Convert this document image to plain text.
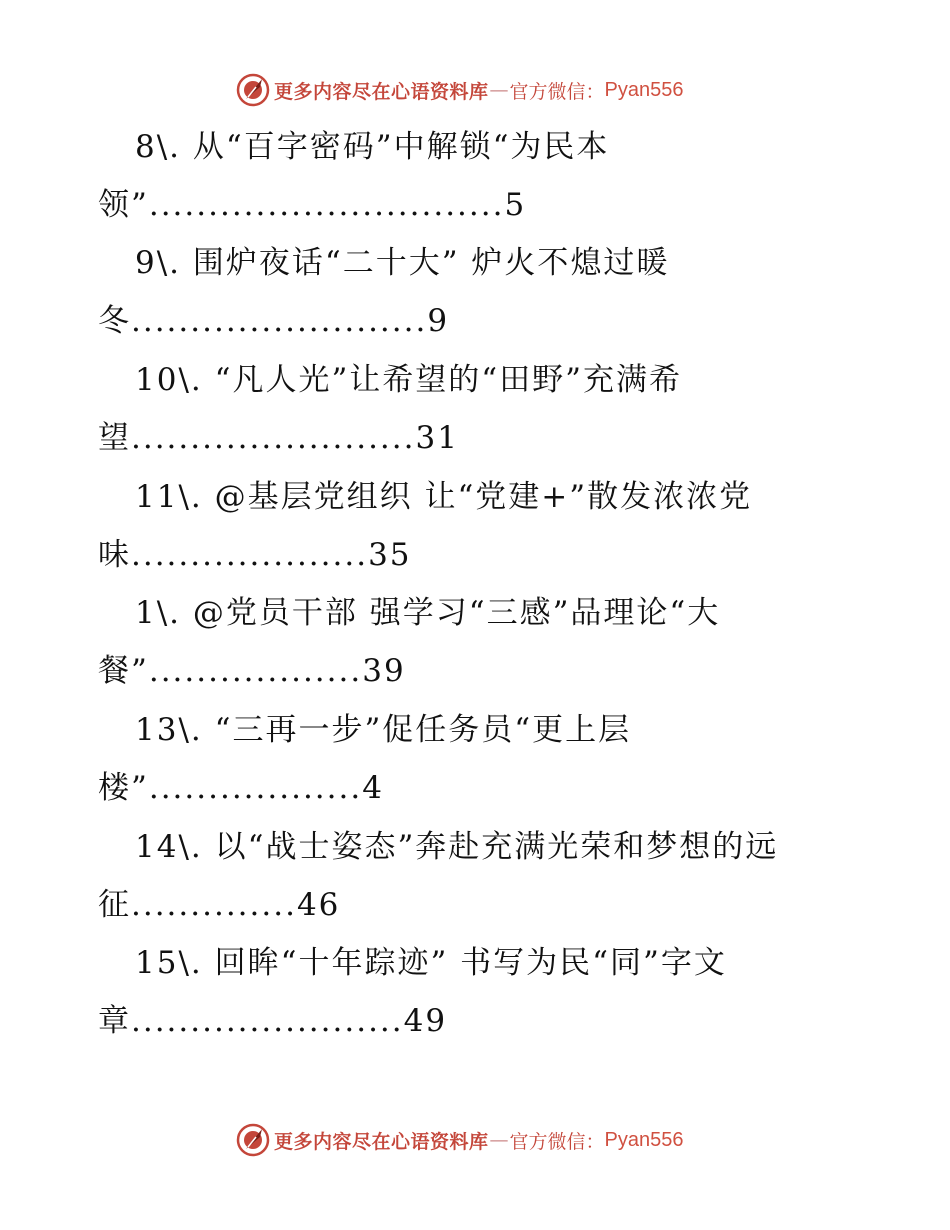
更多内容尽在心语资料库 — 官方微信： Pyan556
8\. 从“百字密码”中解锁“为民本
领”..............................5
9\. 围炉夜话“二十大” 炉火不熄过暖
冬.........................9
10\. “凡人光”让希望的“田野”充满希
望........................31
11\. @基层党组织 让“党建+”散发浓浓党
味....................35
1\. @党员干部 强学习“三感”品理论“大
餐”..................39
13\. “三再一步”促任务员“更上层
楼”..................4
14\. 以“战士姿态”奔赴充满光荣和梦想的远
征..............46
15\. 回眸“十年踪迹” 书写为民“同”字文
章.......................49
更多内容尽在心语资料库 — 官方微信： Pyan556
